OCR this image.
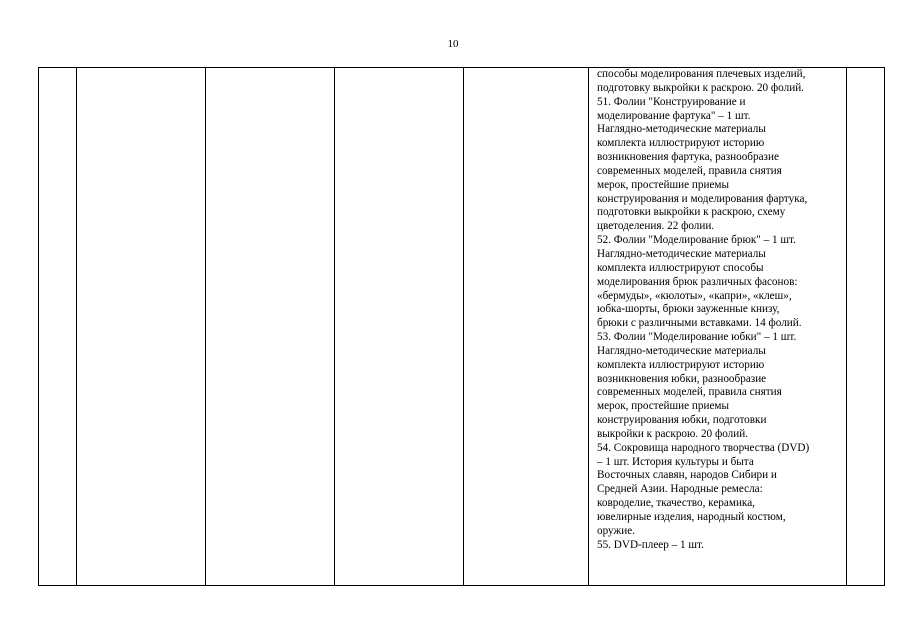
10

способы моделирования плечевых изделий,
подготовку выкройки к раскрою. 20 фолий.
51. Фолии "Конструирование и
моделирование фартука" – 1 шт.
Наглядно-методические материалы
комплекта иллюстрируют историю
возникновения фартука, разнообразие
современных моделей, правила снятия
мерок, простейшие приемы
конструирования и моделирования фартука,
подготовки выкройки к раскрою, схему
цветоделения. 22 фолии.
52. Фолии "Моделирование брюк" – 1 шт.
Наглядно-методические материалы
комплекта иллюстрируют способы
моделирования брюк различных фасонов:
«бермуды», «кюлоты», «капри», «клеш»,
юбка-шорты, брюки зауженные книзу,
брюки с различными вставками. 14 фолий.
53. Фолии "Моделирование юбки" – 1 шт.
Наглядно-методические материалы
комплекта иллюстрируют историю
возникновения юбки, разнообразие
современных моделей, правила снятия
мерок, простейшие приемы
конструирования юбки, подготовки
выкройки к раскрою. 20 фолий.
54. Сокровища народного творчества (DVD)
– 1 шт. История культуры и быта
Восточных славян, народов Сибири и
Средней Азии. Народные ремесла:
ковроделие, ткачество, керамика,
ювелирные изделия, народный костюм,
оружие.
55. DVD-плеер – 1 шт.
